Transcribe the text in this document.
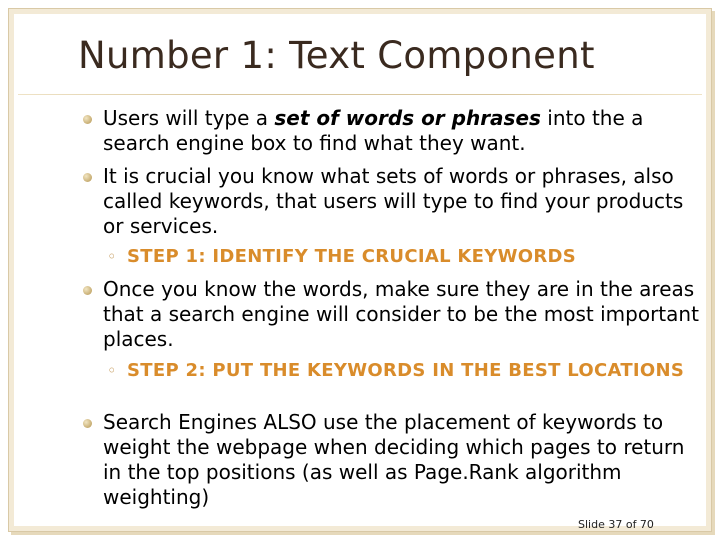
Number 1: Text Component
Users will type a set of words or phrases into the a search engine box to find what they want.
It is crucial you know what sets of words or phrases, also called keywords, that users will type to find your products or services.
◦ STEP 1: IDENTIFY THE CRUCIAL KEYWORDS
Once you know the words, make sure they are in the areas that a search engine will consider to be the most important places.
◦ STEP 2: PUT THE KEYWORDS IN THE BEST LOCATIONS
Search Engines ALSO use the placement of keywords to weight the webpage when deciding which pages to return in the top positions (as well as Page.Rank algorithm weighting)
Slide 37 of 70
